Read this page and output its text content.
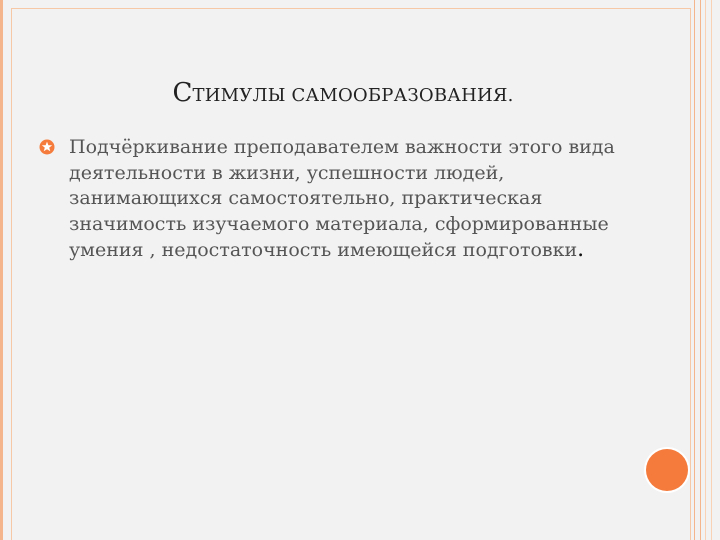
СТИМУЛЫ САМООБРАЗОВАНИЯ.
Подчёркивание преподавателем важности этого вида деятельности в жизни, успешности людей, занимающихся самостоятельно, практическая значимость изучаемого материала, сформированные умения , недостаточность имеющейся подготовки.
